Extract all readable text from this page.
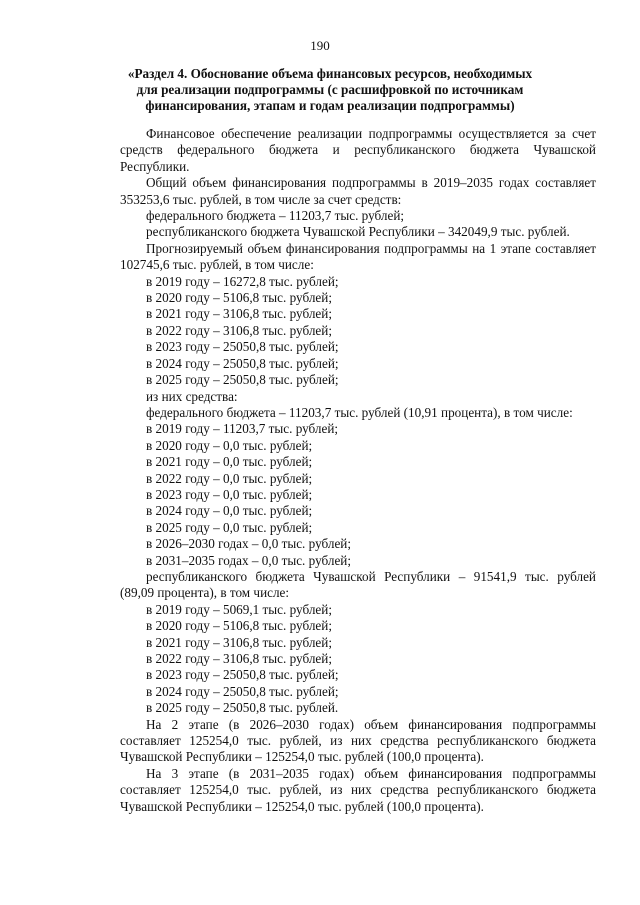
190
«Раздел 4. Обоснование объема финансовых ресурсов, необходимых для реализации подпрограммы (с расшифровкой по источникам финансирования, этапам и годам реализации подпрограммы)

Финансовое обеспечение реализации подпрограммы осуществляется за счет средств федерального бюджета и республиканского бюджета Чувашской Республики.

Общий объем финансирования подпрограммы в 2019–2035 годах составляет 353253,6 тыс. рублей, в том числе за счет средств:

федерального бюджета – 11203,7 тыс. рублей;

республиканского бюджета Чувашской Республики – 342049,9 тыс. рублей.

Прогнозируемый объем финансирования подпрограммы на 1 этапе составляет 102745,6 тыс. рублей, в том числе:

в 2019 году – 16272,8 тыс. рублей;

в 2020 году – 5106,8 тыс. рублей;

в 2021 году – 3106,8 тыс. рублей;

в 2022 году – 3106,8 тыс. рублей;

в 2023 году – 25050,8 тыс. рублей;

в 2024 году – 25050,8 тыс. рублей;

в 2025 году – 25050,8 тыс. рублей;

из них средства:

федерального бюджета – 11203,7 тыс. рублей (10,91 процента), в том числе:

в 2019 году – 11203,7 тыс. рублей;

в 2020 году – 0,0 тыс. рублей;

в 2021 году – 0,0 тыс. рублей;

в 2022 году – 0,0 тыс. рублей;

в 2023 году – 0,0 тыс. рублей;

в 2024 году – 0,0 тыс. рублей;

в 2025 году – 0,0 тыс. рублей;

в 2026–2030 годах – 0,0 тыс. рублей;

в 2031–2035 годах – 0,0 тыс. рублей;

республиканского бюджета Чувашской Республики – 91541,9 тыс. рублей (89,09 процента), в том числе:

в 2019 году – 5069,1 тыс. рублей;

в 2020 году – 5106,8 тыс. рублей;

в 2021 году – 3106,8 тыс. рублей;

в 2022 году – 3106,8 тыс. рублей;

в 2023 году – 25050,8 тыс. рублей;

в 2024 году – 25050,8 тыс. рублей;

в 2025 году – 25050,8 тыс. рублей.

На 2 этапе (в 2026–2030 годах) объем финансирования подпрограммы составляет 125254,0 тыс. рублей, из них средства республиканского бюджета Чувашской Республики – 125254,0 тыс. рублей (100,0 процента).

На 3 этапе (в 2031–2035 годах) объем финансирования подпрограммы составляет 125254,0 тыс. рублей, из них средства республиканского бюджета Чувашской Республики – 125254,0 тыс. рублей (100,0 процента).
